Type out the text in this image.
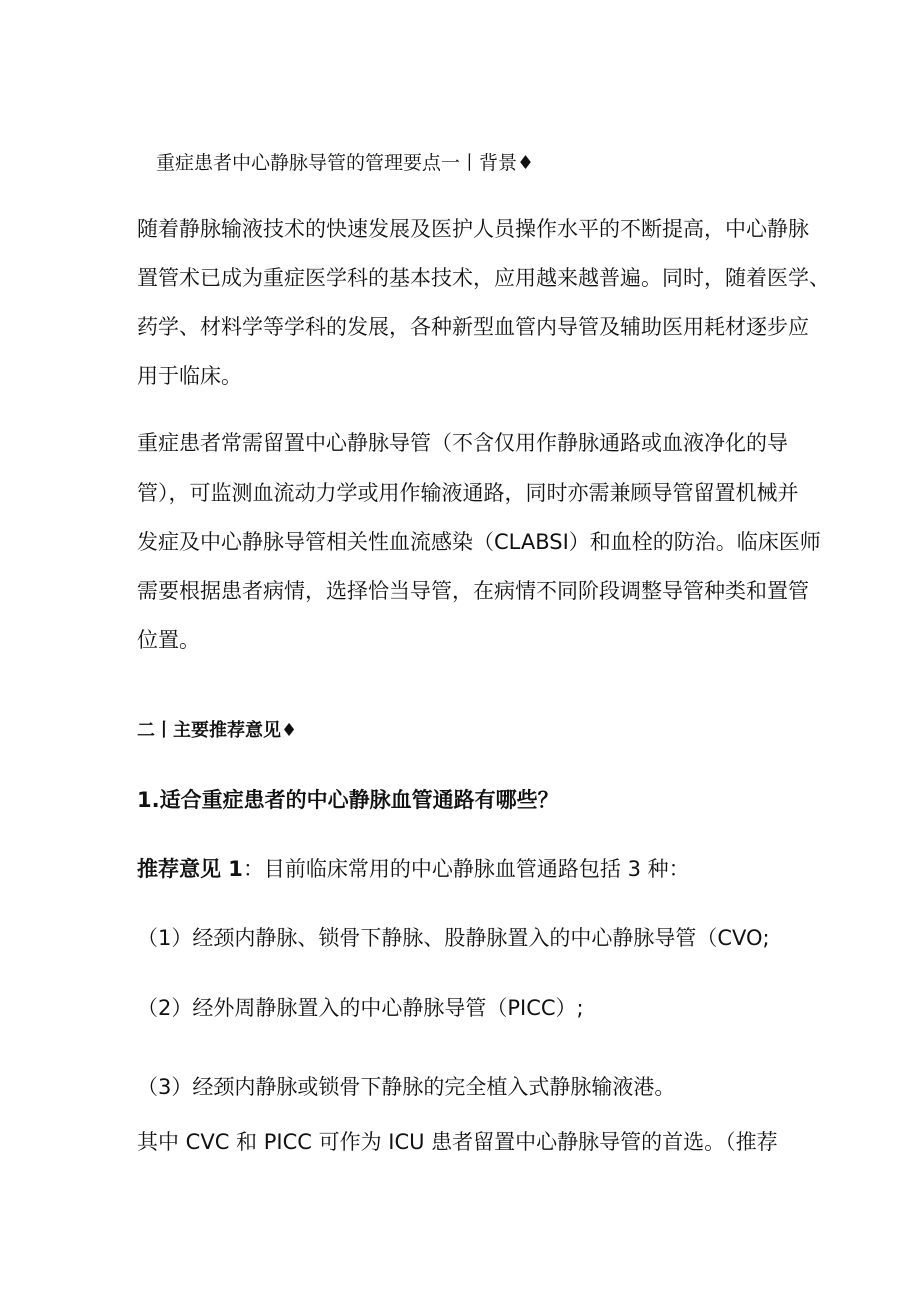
重症患者中心静脉导管的管理要点一丨背景♦
随着静脉输液技术的快速发展及医护人员操作水平的不断提高，中心静脉
置管术已成为重症医学科的基本技术，应用越来越普遍。同时，随着医学、
药学、材料学等学科的发展，各种新型血管内导管及辅助医用耗材逐步应
用于临床。
重症患者常需留置中心静脉导管（不含仅用作静脉通路或血液净化的导
管），可监测血流动力学或用作输液通路，同时亦需兼顾导管留置机械并
发症及中心静脉导管相关性血流感染（CLABSI）和血栓的防治。临床医师
需要根据患者病情，选择恰当导管，在病情不同阶段调整导管种类和置管
位置。
二丨主要推荐意见♦
1.适合重症患者的中心静脉血管通路有哪些？
推荐意见 1：目前临床常用的中心静脉血管通路包括 3 种：
（1）经颈内静脉、锁骨下静脉、股静脉置入的中心静脉导管（CVO;
（2）经外周静脉置入的中心静脉导管（PICC）;
（3）经颈内静脉或锁骨下静脉的完全植入式静脉输液港。
其中 CVC 和 PICC 可作为 ICU 患者留置中心静脉导管的首选。（推荐
